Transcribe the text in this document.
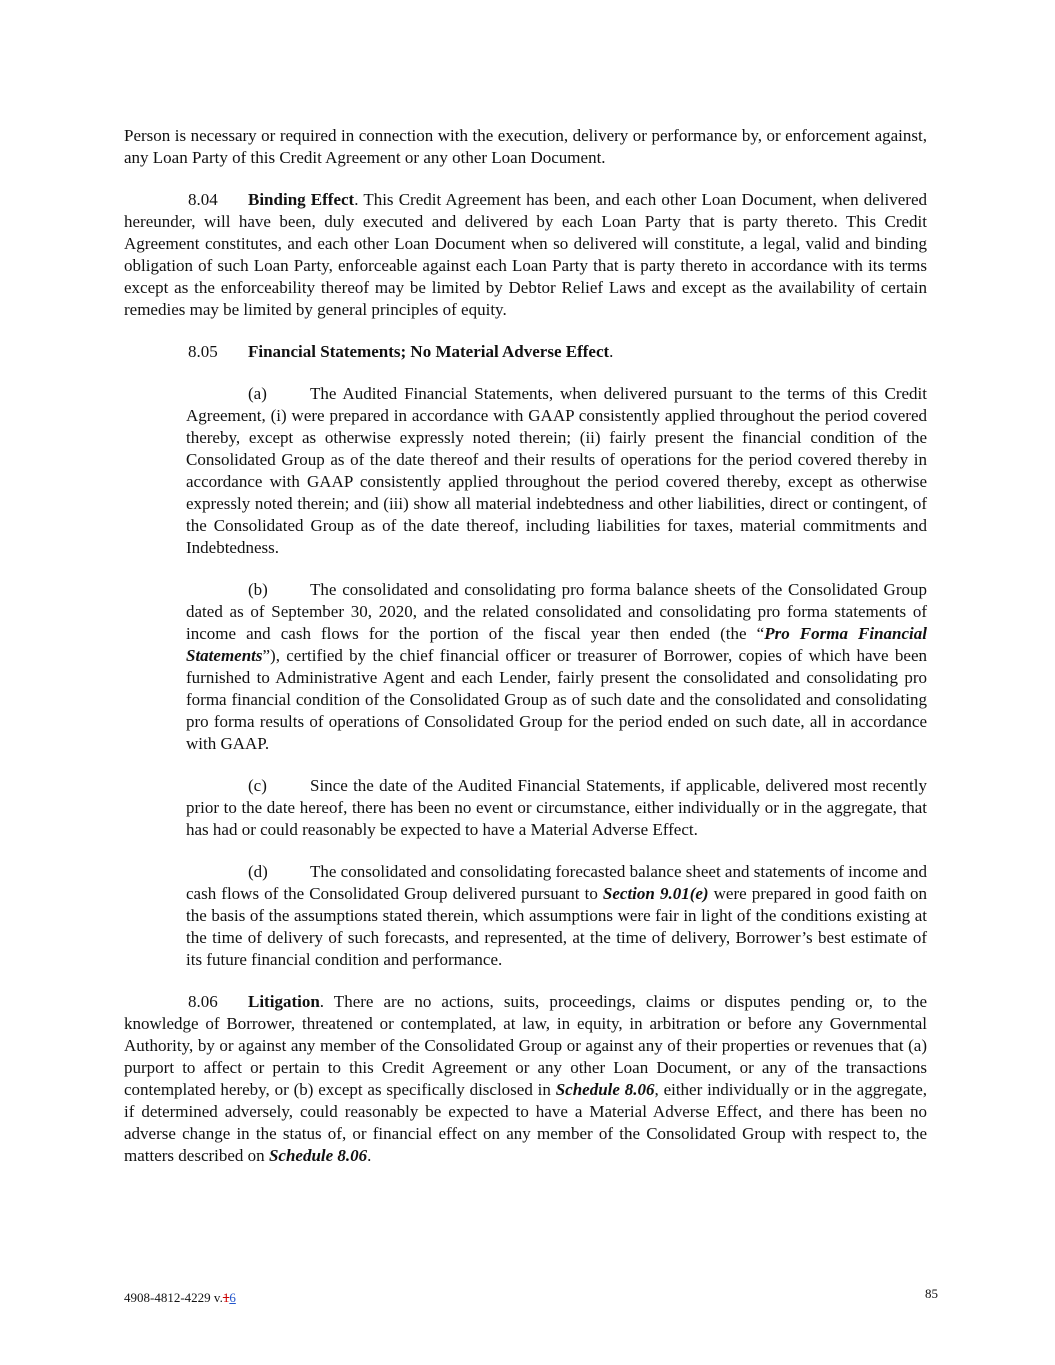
Person is necessary or required in connection with the execution, delivery or performance by, or enforcement against, any Loan Party of this Credit Agreement or any other Loan Document.

8.04 Binding Effect. This Credit Agreement has been, and each other Loan Document, when delivered hereunder, will have been, duly executed and delivered by each Loan Party that is party thereto. This Credit Agreement constitutes, and each other Loan Document when so delivered will constitute, a legal, valid and binding obligation of such Loan Party, enforceable against each Loan Party that is party thereto in accordance with its terms except as the enforceability thereof may be limited by Debtor Relief Laws and except as the availability of certain remedies may be limited by general principles of equity.

8.05 Financial Statements; No Material Adverse Effect.

(a)	The Audited Financial Statements, when delivered pursuant to the terms of this Credit Agreement, (i) were prepared in accordance with GAAP consistently applied throughout the period covered thereby, except as otherwise expressly noted therein; (ii) fairly present the financial condition of the Consolidated Group as of the date thereof and their results of operations for the period covered thereby in accordance with GAAP consistently applied throughout the period covered thereby, except as otherwise expressly noted therein; and (iii) show all material indebtedness and other liabilities, direct or contingent, of the Consolidated Group as of the date thereof, including liabilities for taxes, material commitments and Indebtedness.

(b) The consolidated and consolidating pro forma balance sheets of the Consolidated Group dated as of September 30, 2020, and the related consolidated and consolidating pro forma statements of income and cash flows for the portion of the fiscal year then ended (the “Pro Forma Financial Statements”), certified by the chief financial officer or treasurer of Borrower, copies of which have been furnished to Administrative Agent and each Lender, fairly present the consolidated and consolidating pro forma financial condition of the Consolidated Group as of such date and the consolidated and consolidating pro forma results of operations of Consolidated Group for the period ended on such date, all in accordance with GAAP.

(c)	Since the date of the Audited Financial Statements, if applicable, delivered most recently prior to the date hereof, there has been no event or circumstance, either individually or in the aggregate, that has had or could reasonably be expected to have a Material Adverse Effect.

(d) The consolidated and consolidating forecasted balance sheet and statements of income and cash flows of the Consolidated Group delivered pursuant to Section 9.01(e) were prepared in good faith on the basis of the assumptions stated therein, which assumptions were fair in light of the conditions existing at the time of delivery of such forecasts, and represented, at the time of delivery, Borrower’s best estimate of its future financial condition and performance.

8.06 Litigation. There are no actions, suits, proceedings, claims or disputes pending or, to the knowledge of Borrower, threatened or contemplated, at law, in equity, in arbitration or before any Governmental Authority, by or against any member of the Consolidated Group or against any of their properties or revenues that (a) purport to affect or pertain to this Credit Agreement or any other Loan Document, or any of the transactions contemplated hereby, or (b) except as specifically disclosed in Schedule 8.06, either individually or in the aggregate, if determined adversely, could reasonably be expected to have a Material Adverse Effect, and there has been no adverse change in the status of, or financial effect on any member of the Consolidated Group with respect to, the matters described on Schedule 8.06.

4908-4812-4229 v.16	85
